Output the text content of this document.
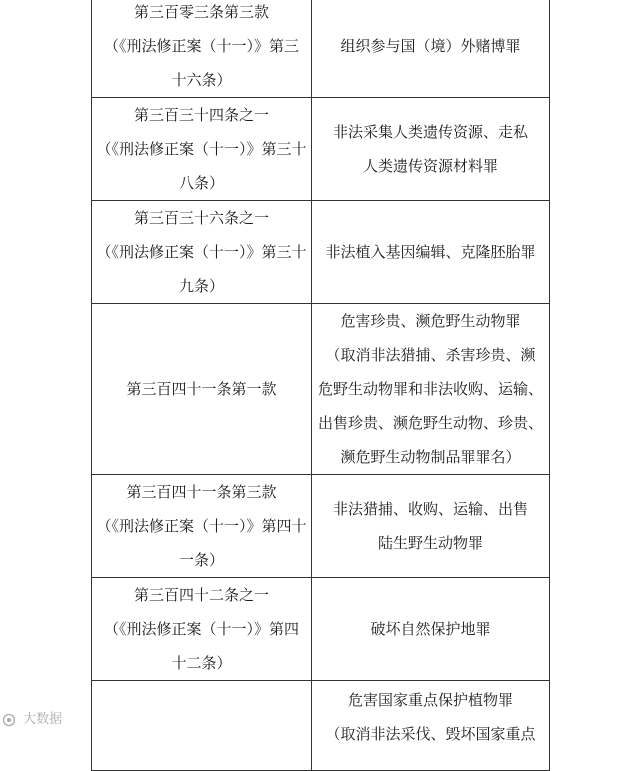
第三百零三条第三款
（《刑法修正案（十一）》第三
十六条）	组织参与国（境）外赌博罪

第三百三十四条之一
（《刑法修正案（十一）》第三十
八条）	非法采集人类遗传资源、走私
人类遗传资源材料罪

第三百三十六条之一
（《刑法修正案（十一）》第三十
九条）	非法植入基因编辑、克隆胚胎罪

第三百四十一条第一款	危害珍贵、濒危野生动物罪
（取消非法猎捕、杀害珍贵、濒
危野生动物罪和非法收购、运输、
出售珍贵、濒危野生动物、珍贵、
濒危野生动物制品罪罪名）

第三百四十一条第三款
（《刑法修正案（十一）》第四十
一条）	非法猎捕、收购、运输、出售
陆生野生动物罪

第三百四十二条之一
（《刑法修正案（十一）》第四
十二条）	破坏自然保护地罪

	危害国家重点保护植物罪
（取消非法采伐、毁坏国家重点
大数据
